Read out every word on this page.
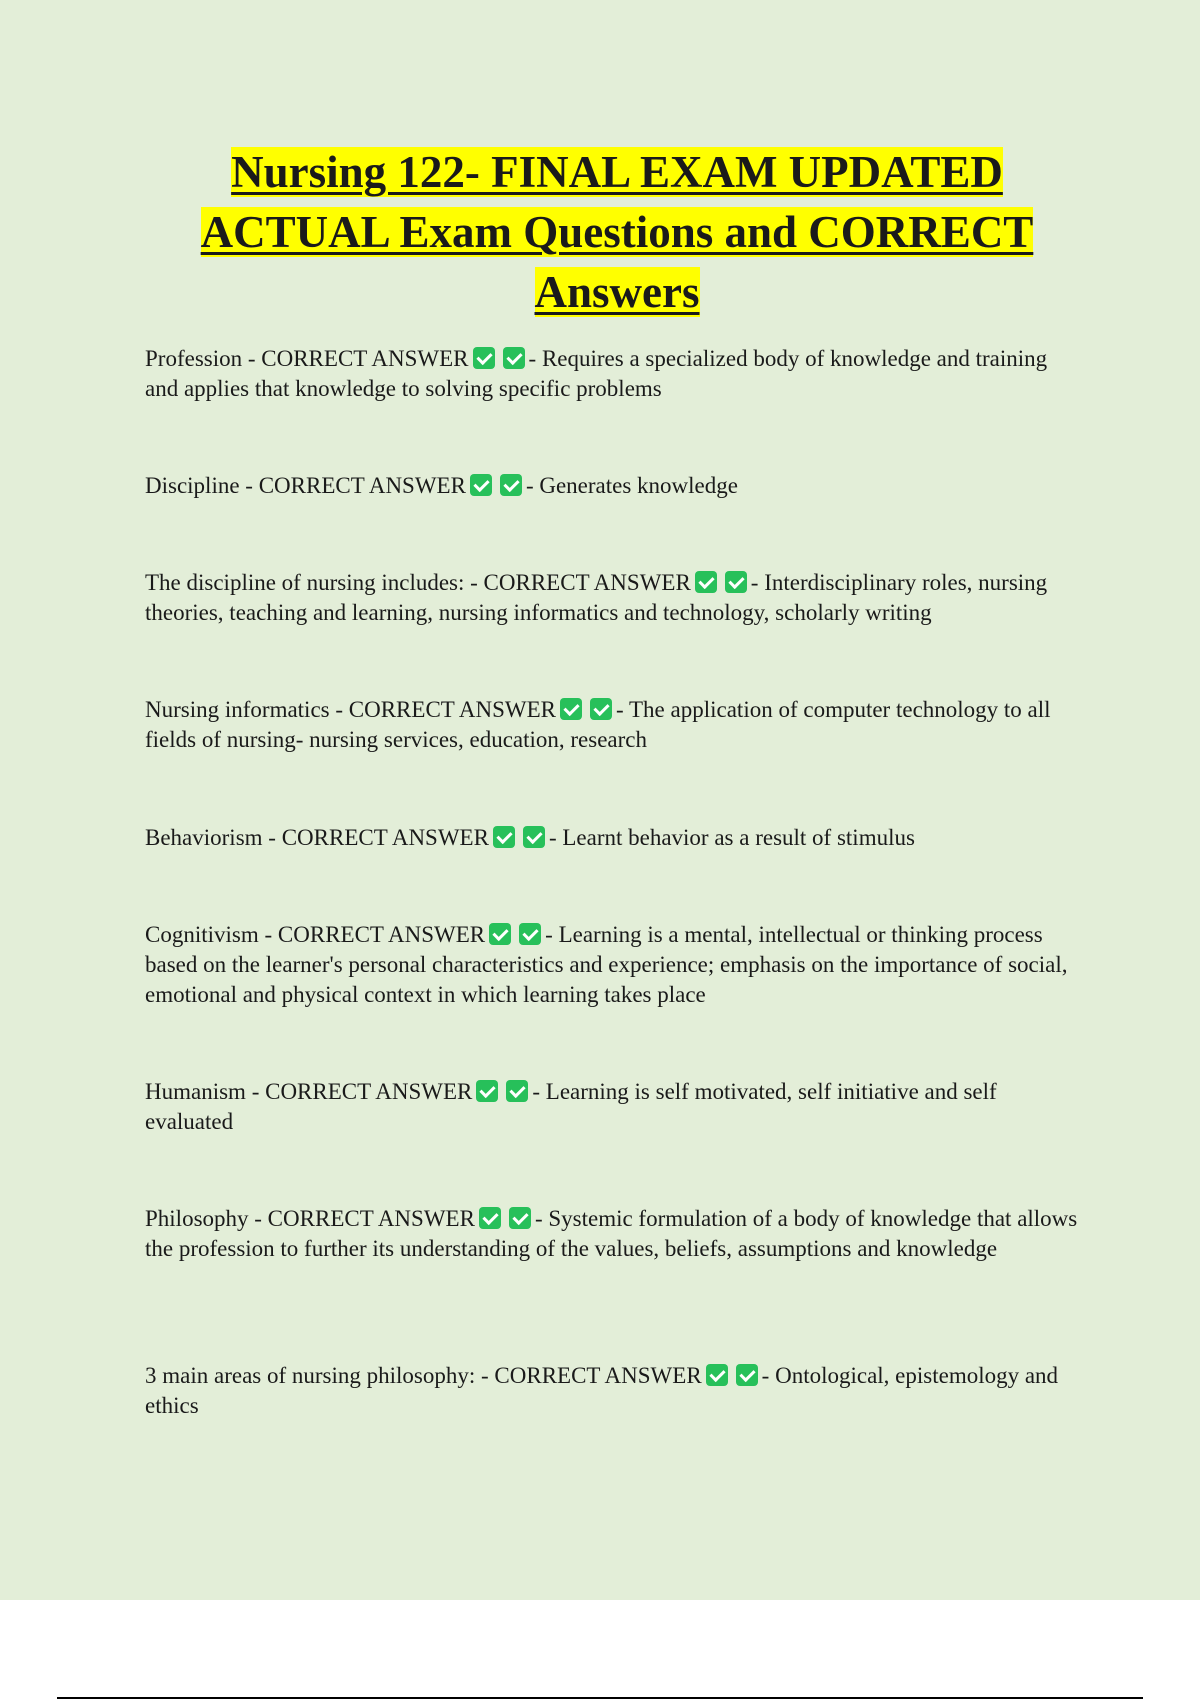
Nursing 122- FINAL EXAM UPDATED
ACTUAL Exam Questions and CORRECT
Answers
Profession - CORRECT ANSWER	- Requires a specialized body of knowledge and training and applies that knowledge to solving specific problems
Discipline - CORRECT ANSWER	- Generates knowledge
The discipline of nursing includes: - CORRECT ANSWER	- Interdisciplinary roles, nursing theories, teaching and learning, nursing informatics and technology, scholarly writing
Nursing informatics - CORRECT ANSWER	- The application of computer technology to all fields of nursing- nursing services, education, research
Behaviorism - CORRECT ANSWER	- Learnt behavior as a result of stimulus
Cognitivism - CORRECT ANSWER	- Learning is a mental, intellectual or thinking process based on the learner's personal characteristics and experience; emphasis on the importance of social, emotional and physical context in which learning takes place
Humanism - CORRECT ANSWER	- Learning is self motivated, self initiative and self evaluated
Philosophy - CORRECT ANSWER	- Systemic formulation of a body of knowledge that allows the profession to further its understanding of the values, beliefs, assumptions and knowledge
3 main areas of nursing philosophy: - CORRECT ANSWER	- Ontological, epistemology and ethics
